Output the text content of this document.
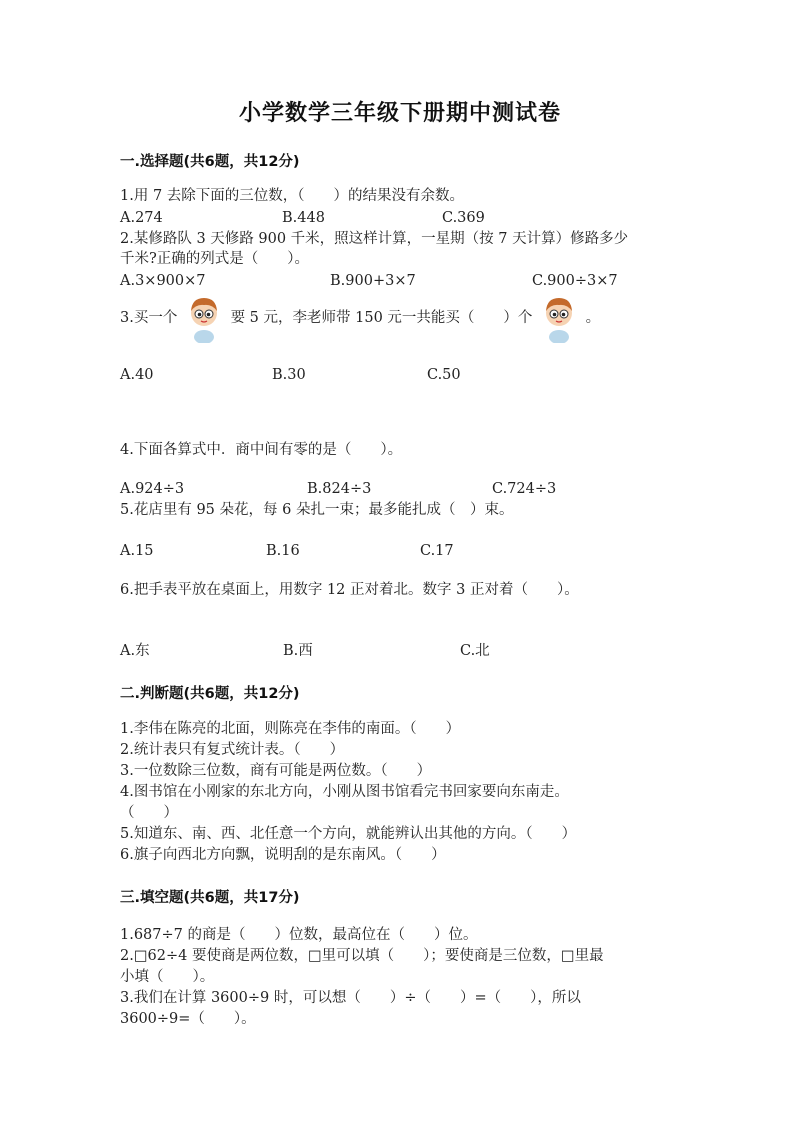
小学数学三年级下册期中测试卷
一.选择题(共6题，共12分)
1.用 7 去除下面的三位数，（　　）的结果没有余数。
A.274	B.448	C.369
2.某修路队 3 天修路 900 千米，照这样计算，一星期（按 7 天计算）修路多少
千米?正确的列式是（　　）。
A.3×900×7	B.900+3×7	C.900÷3×7
3.买一个	要 5 元，李老师带 150 元一共能买（　　）个	。
A.40	B.30	C.50
4.下面各算式中．商中间有零的是（　　）。
A.924÷3	B.824÷3	C.724÷3
5.花店里有 95 朵花，每 6 朵扎一束；最多能扎成（　）束。
A.15	B.16	C.17
6.把手表平放在桌面上，用数字 12 正对着北。数字 3 正对着（　　）。
A.东	B.西	C.北
二.判断题(共6题，共12分)
1.李伟在陈亮的北面，则陈亮在李伟的南面。（　　）
2.统计表只有复式统计表。（　　）
3.一位数除三位数，商有可能是两位数。（　　）
4.图书馆在小刚家的东北方向，小刚从图书馆看完书回家要向东南走。
（　　）
5.知道东、南、西、北任意一个方向，就能辨认出其他的方向。（　　）
6.旗子向西北方向飘，说明刮的是东南风。（　　）
三.填空题(共6题，共17分)
1.687÷7 的商是（　　）位数，最高位在（　　）位。
2.□62÷4 要使商是两位数，□里可以填（　　）；要使商是三位数，□里最
小填（　　）。
3.我们在计算 3600÷9 时，可以想（　　）÷（　　）=（　　），所以
3600÷9=（　　）。
